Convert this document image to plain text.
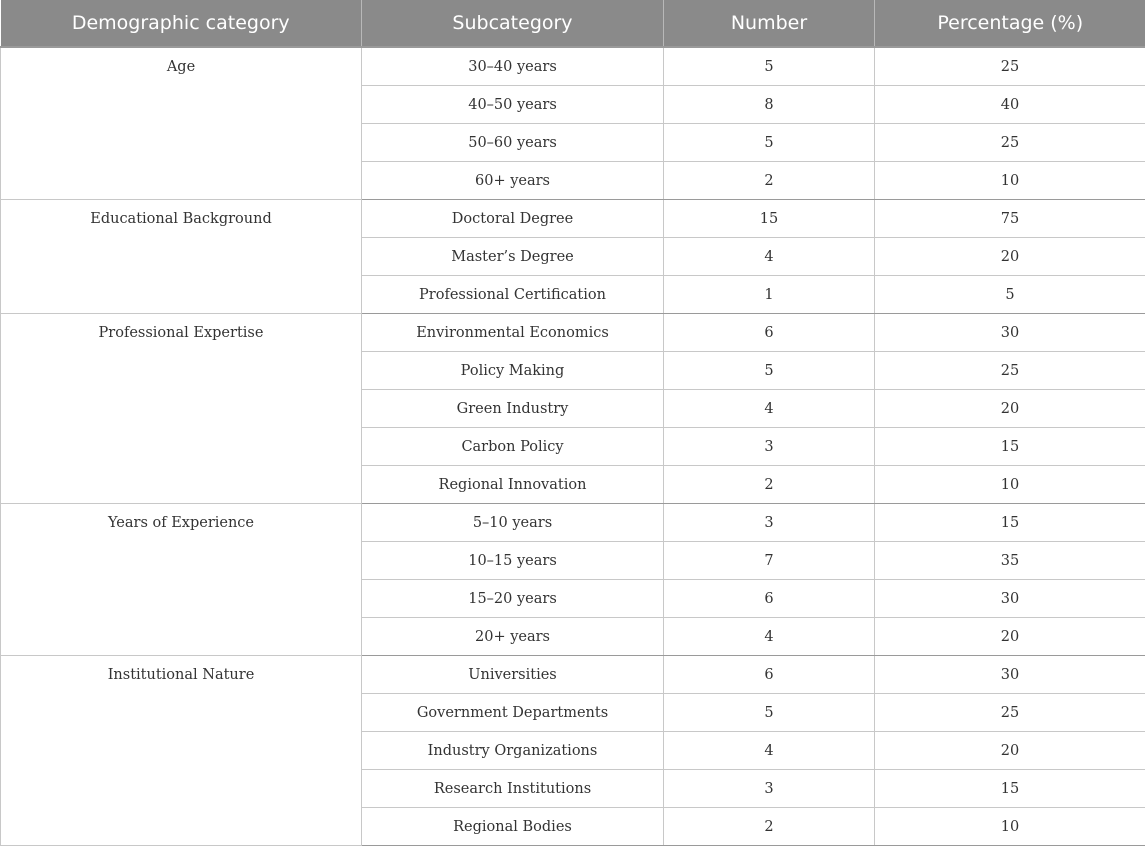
Demographic category	Subcategory	Number	Percentage (%)
Age	30–40 years	5	25
	40–50 years	8	40
	50–60 years	5	25
	60+ years	2	10
Educational Background	Doctoral Degree	15	75
	Master’s Degree	4	20
	Professional Certification	1	5
Professional Expertise	Environmental Economics	6	30
	Policy Making	5	25
	Green Industry	4	20
	Carbon Policy	3	15
	Regional Innovation	2	10
Years of Experience	5–10 years	3	15
	10–15 years	7	35
	15–20 years	6	30
	20+ years	4	20
Institutional Nature	Universities	6	30
	Government Departments	5	25
	Industry Organizations	4	20
	Research Institutions	3	15
	Regional Bodies	2	10
